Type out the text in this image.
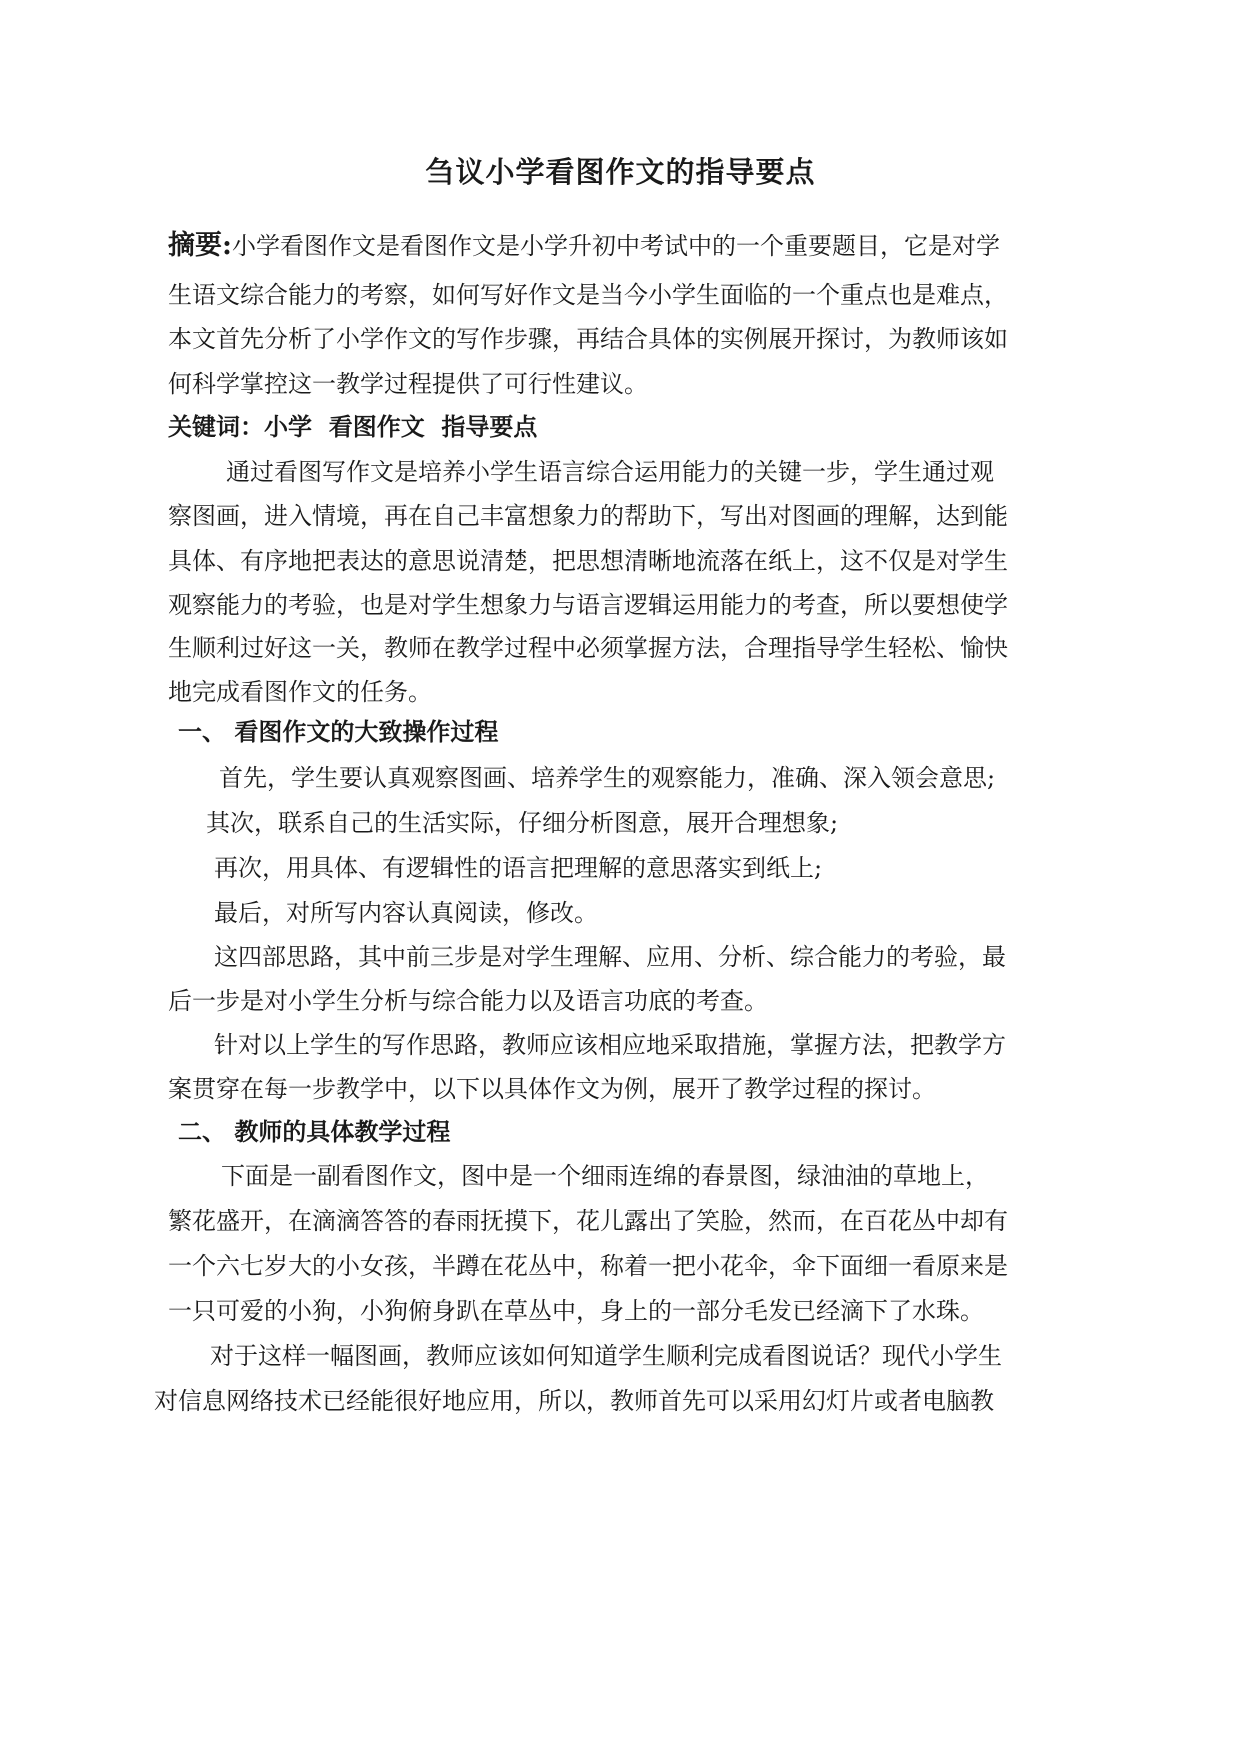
刍议小学看图作文的指导要点
摘要:小学看图作文是看图作文是小学升初中考试中的一个重要题目，它是对学
生语文综合能力的考察，如何写好作文是当今小学生面临的一个重点也是难点，
本文首先分析了小学作文的写作步骤，再结合具体的实例展开探讨，为教师该如
何科学掌控这一教学过程提供了可行性建议。
关键词：小学  看图作文  指导要点
通过看图写作文是培养小学生语言综合运用能力的关键一步，学生通过观
察图画，进入情境，再在自己丰富想象力的帮助下，写出对图画的理解，达到能
具体、有序地把表达的意思说清楚，把思想清晰地流落在纸上，这不仅是对学生
观察能力的考验，也是对学生想象力与语言逻辑运用能力的考查，所以要想使学
生顺利过好这一关，教师在教学过程中必须掌握方法，合理指导学生轻松、愉快
地完成看图作文的任务。
一、 看图作文的大致操作过程
首先，学生要认真观察图画、培养学生的观察能力，准确、深入领会意思;
其次，联系自己的生活实际，仔细分析图意，展开合理想象;
再次，用具体、有逻辑性的语言把理解的意思落实到纸上;
最后，对所写内容认真阅读，修改。
这四部思路，其中前三步是对学生理解、应用、分析、综合能力的考验，最
后一步是对小学生分析与综合能力以及语言功底的考查。
针对以上学生的写作思路，教师应该相应地采取措施，掌握方法，把教学方
案贯穿在每一步教学中，以下以具体作文为例，展开了教学过程的探讨。
二、 教师的具体教学过程
下面是一副看图作文，图中是一个细雨连绵的春景图，绿油油的草地上，
繁花盛开，在滴滴答答的春雨抚摸下，花儿露出了笑脸，然而，在百花丛中却有
一个六七岁大的小女孩，半蹲在花丛中，称着一把小花伞，伞下面细一看原来是
一只可爱的小狗，小狗俯身趴在草丛中，身上的一部分毛发已经滴下了水珠。
对于这样一幅图画，教师应该如何知道学生顺利完成看图说话？现代小学生
对信息网络技术已经能很好地应用，所以，教师首先可以采用幻灯片或者电脑教
